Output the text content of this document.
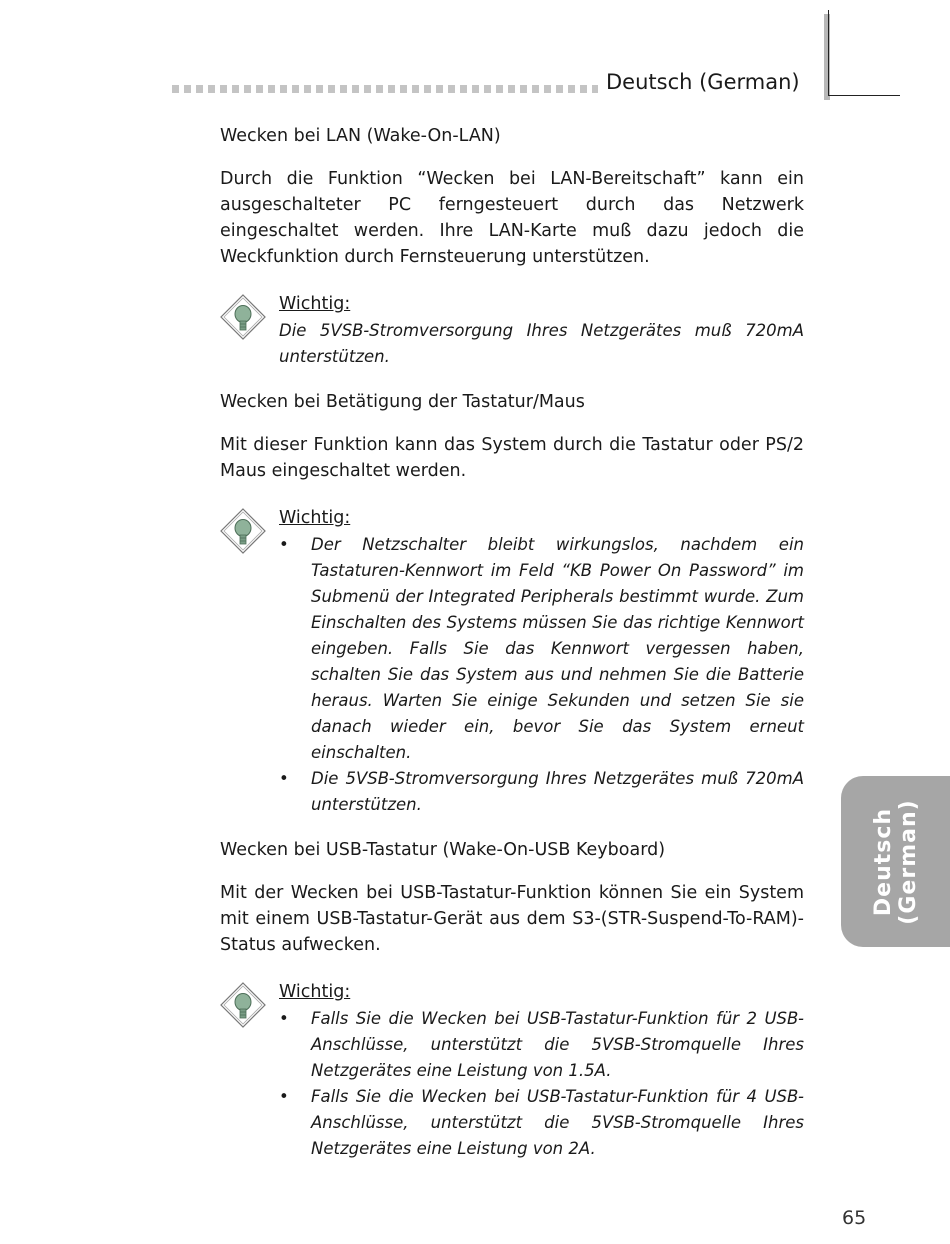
Deutsch (German)
Deutsch (German)
Wecken bei LAN (Wake-On-LAN)

Durch die Funktion “Wecken bei LAN-Bereitschaft” kann ein ausgeschalteter PC ferngesteuert durch das Netzwerk eingeschaltet werden. Ihre LAN-Karte muß dazu jedoch die Weckfunktion durch Fernsteuerung unterstützen.

Wichtig:

Die 5VSB-Stromversorgung Ihres Netzgerätes muß 720mA unterstützen.

Wecken bei Betätigung der Tastatur/Maus

Mit dieser Funktion kann das System durch die Tastatur oder PS/2 Maus eingeschaltet werden.

Wichtig:
• Der Netzschalter bleibt wirkungslos, nachdem ein Tastaturen-Kennwort im Feld “KB Power On Password” im Submenü der Integrated Peripherals bestimmt wurde. Zum Einschalten des Systems müssen Sie das richtige Kennwort eingeben. Falls Sie das Kennwort vergessen haben, schalten Sie das System aus und nehmen Sie die Batterie heraus. Warten Sie einige Sekunden und setzen Sie sie danach wieder ein, bevor Sie das System erneut einschalten.
• Die 5VSB-Stromversorgung Ihres Netzgerätes muß 720mA unterstützen.
Wecken bei USB-Tastatur (Wake-On-USB Keyboard)

Mit der Wecken bei USB-Tastatur-Funktion können Sie ein System mit einem USB-Tastatur-Gerät aus dem S3-(STR-Suspend-To-RAM)-Status aufwecken.

Wichtig:
• Falls Sie die Wecken bei USB-Tastatur-Funktion für 2 USB-Anschlüsse, unterstützt die 5VSB-Stromquelle Ihres Netzgerätes eine Leistung von 1.5A.
• Falls Sie die Wecken bei USB-Tastatur-Funktion für 4 USB-Anschlüsse, unterstützt die 5VSB-Stromquelle Ihres Netzgerätes eine Leistung von 2A.
65
